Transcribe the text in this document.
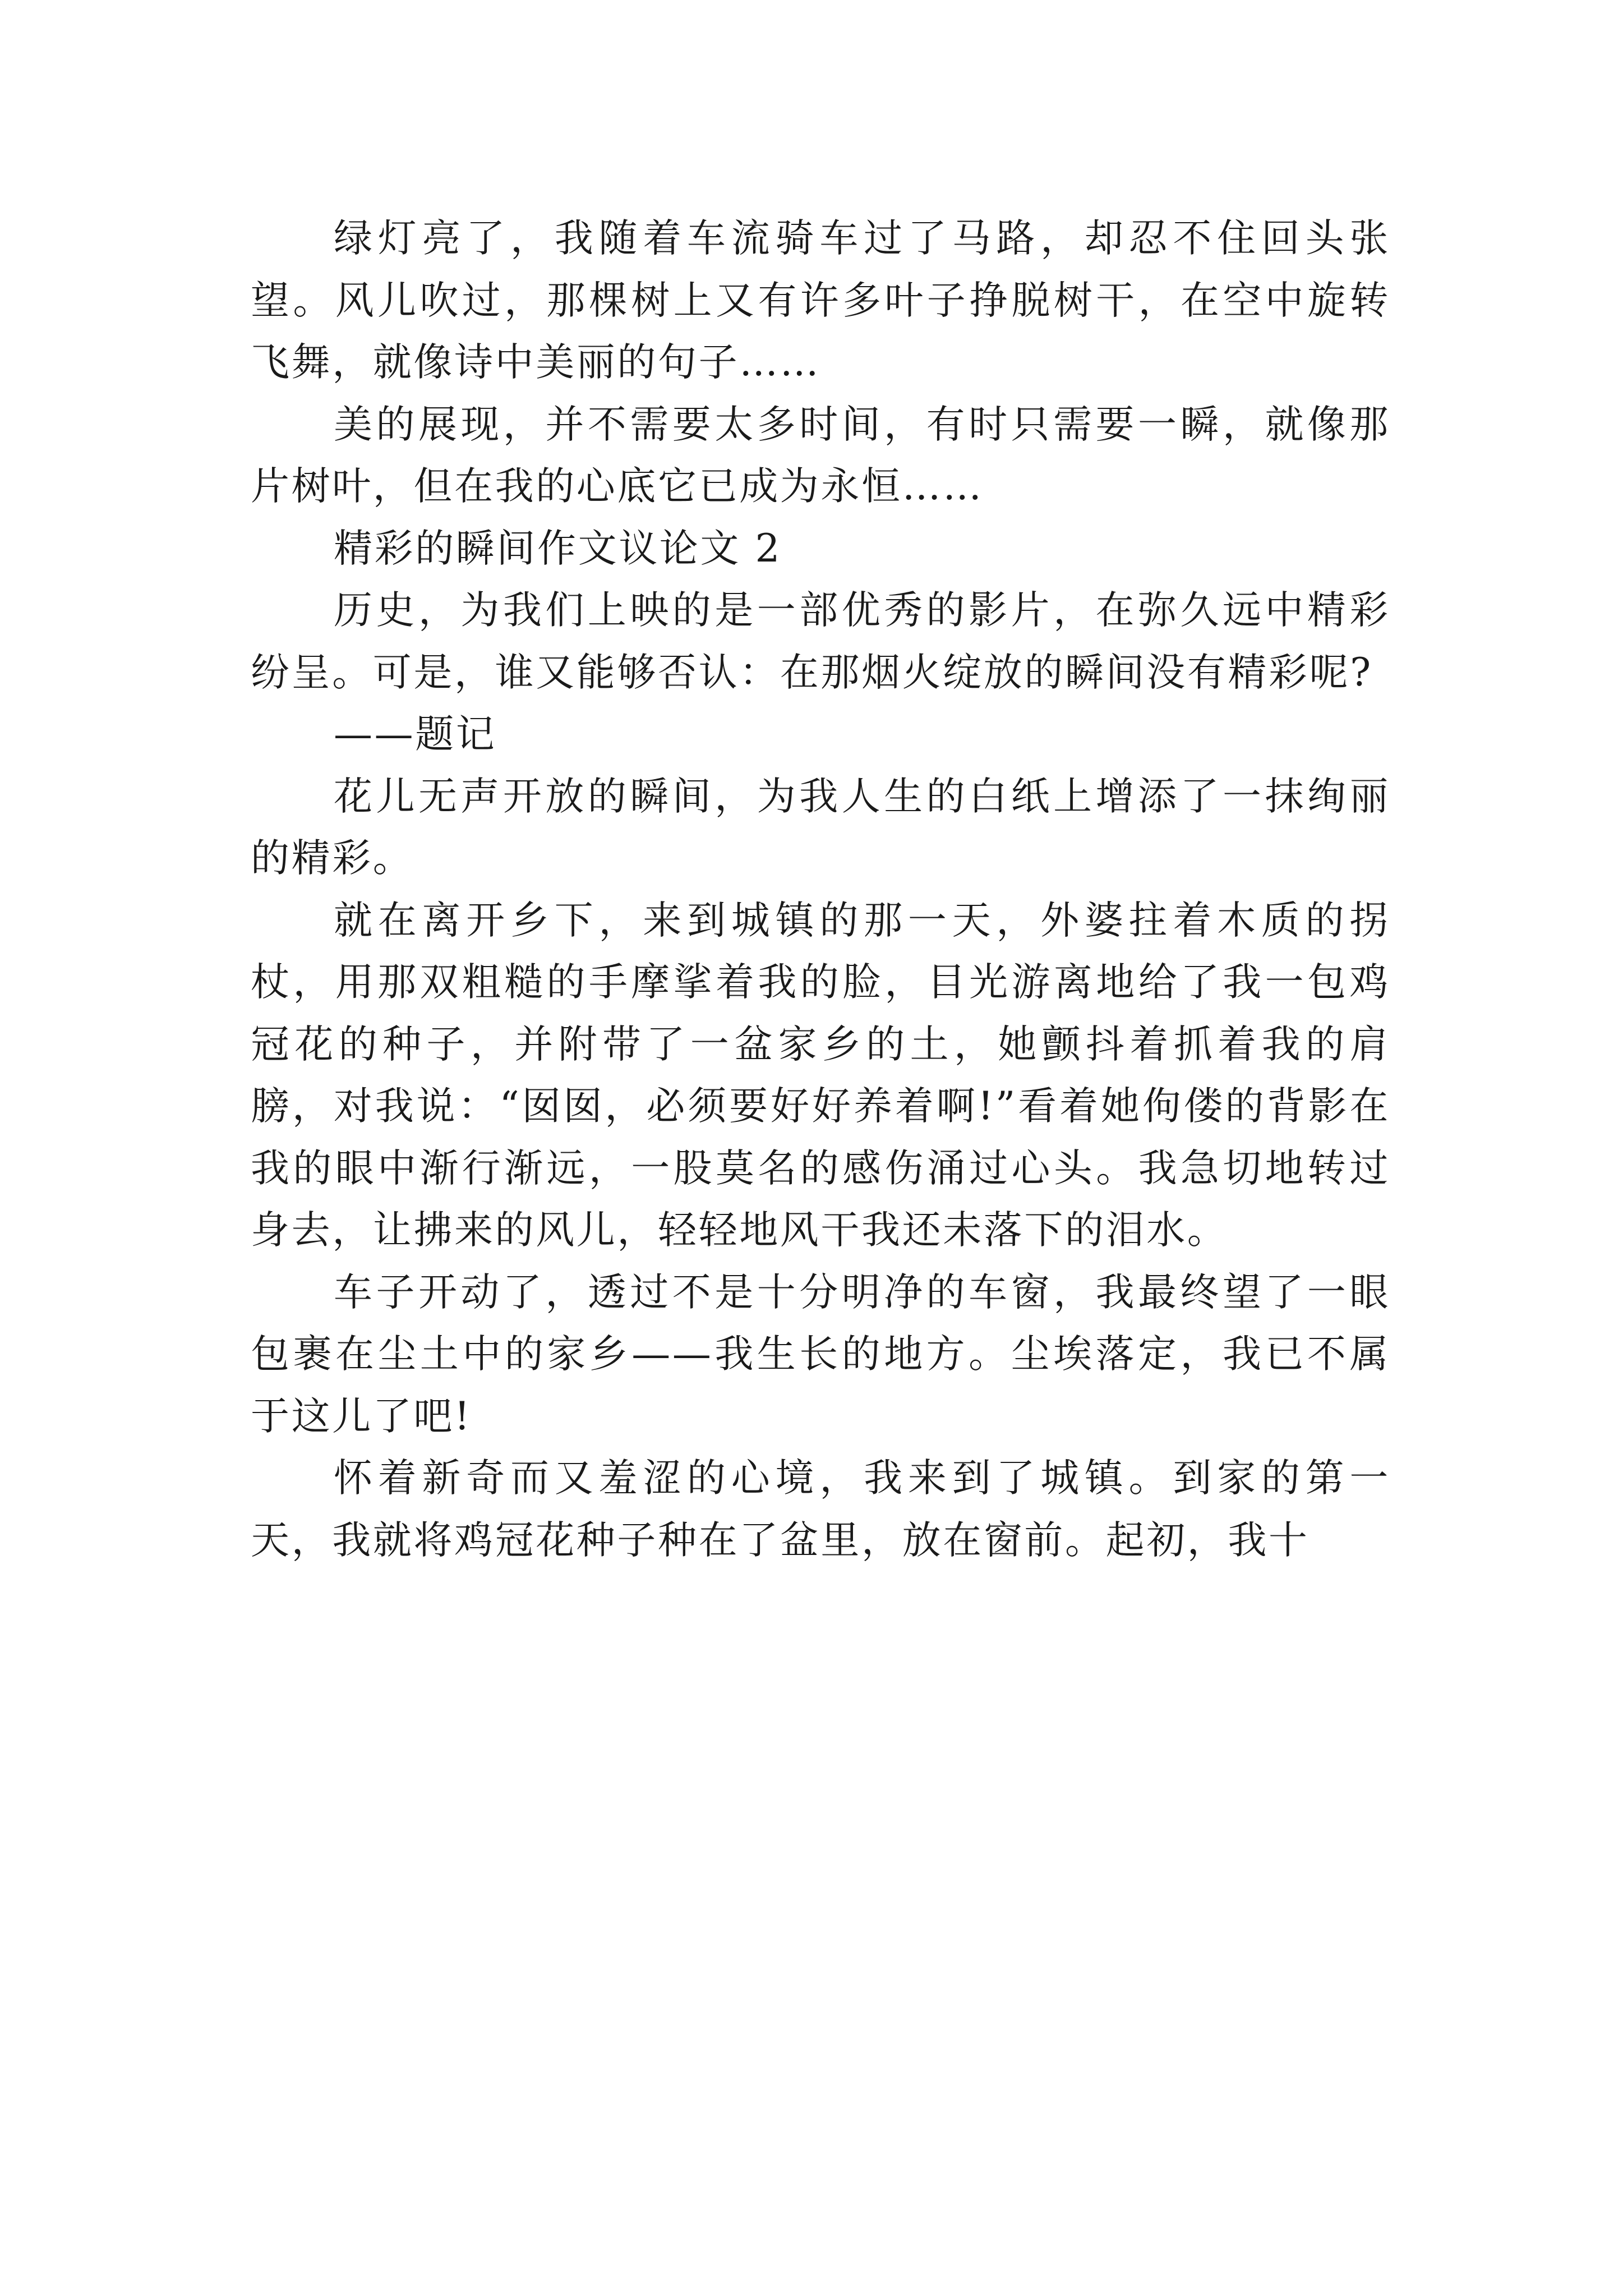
绿灯亮了，我随着车流骑车过了马路，却忍不住回头张望。风儿吹过，那棵树上又有许多叶子挣脱树干，在空中旋转飞舞，就像诗中美丽的句子……

美的展现，并不需要太多时间，有时只需要一瞬，就像那片树叶，但在我的心底它已成为永恒……

精彩的瞬间作文议论文 2

历史，为我们上映的是一部优秀的影片，在弥久远中精彩纷呈。可是，谁又能够否认：在那烟火绽放的瞬间没有精彩呢?

——题记

花儿无声开放的瞬间，为我人生的白纸上增添了一抹绚丽的精彩。

就在离开乡下，来到城镇的那一天，外婆拄着木质的拐杖，用那双粗糙的手摩挲着我的脸，目光游离地给了我一包鸡冠花的种子，并附带了一盆家乡的土，她颤抖着抓着我的肩膀，对我说：“囡囡，必须要好好养着啊!”看着她佝偻的背影在我的眼中渐行渐远，一股莫名的感伤涌过心头。我急切地转过身去，让拂来的风儿，轻轻地风干我还未落下的泪水。

车子开动了，透过不是十分明净的车窗，我最终望了一眼包裹在尘土中的家乡——我生长的地方。尘埃落定，我已不属于这儿了吧!

怀着新奇而又羞涩的心境，我来到了城镇。到家的第一天，我就将鸡冠花种子种在了盆里，放在窗前。起初，我十
